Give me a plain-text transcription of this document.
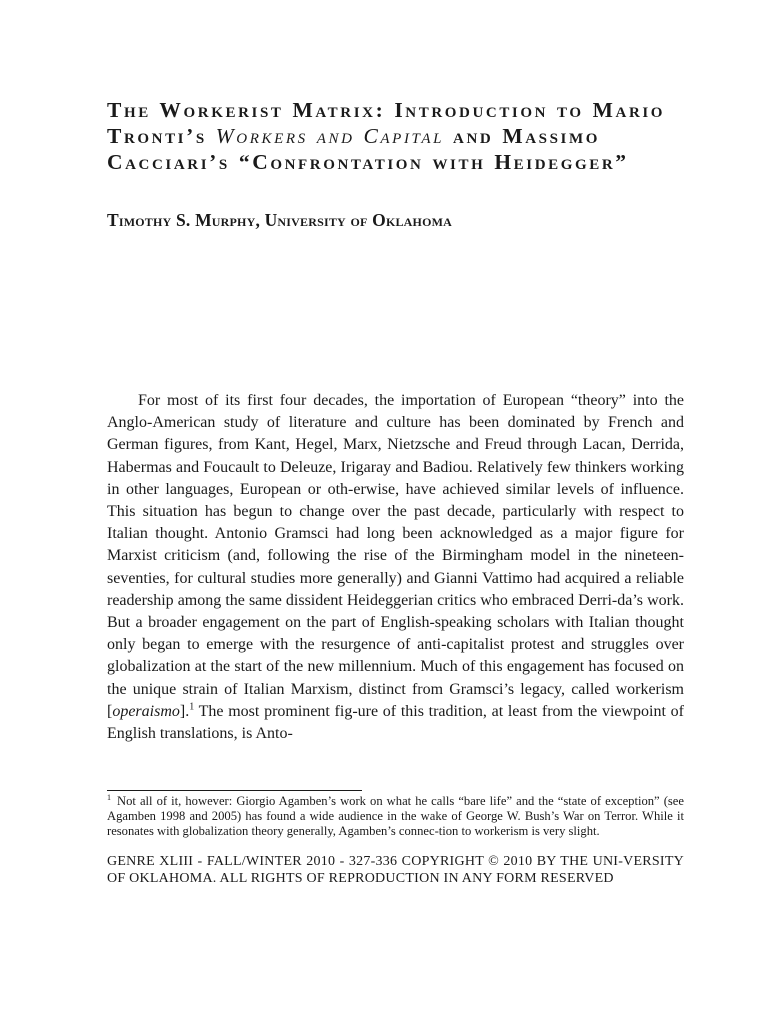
The Workerist Matrix: Introduction to Mario Tronti’s Workers and Capital and Massimo Cacciari’s “Confrontation with Heidegger”

Timothy S. Murphy, University of Oklahoma

For most of its first four decades, the importation of European “theory” into the Anglo-American study of literature and culture has been dominated by French and German figures, from Kant, Hegel, Marx, Nietzsche and Freud through Lacan, Derrida, Habermas and Foucault to Deleuze, Irigaray and Badiou. Relatively few thinkers working in other languages, European or oth-erwise, have achieved similar levels of influence. This situation has begun to change over the past decade, particularly with respect to Italian thought. Antonio Gramsci had long been acknowledged as a major figure for Marxist criticism (and, following the rise of the Birmingham model in the nineteen-seventies, for cultural studies more generally) and Gianni Vattimo had acquired a reliable readership among the same dissident Heideggerian critics who embraced Derri-da’s work. But a broader engagement on the part of English-speaking scholars with Italian thought only began to emerge with the resurgence of anti-capitalist protest and struggles over globalization at the start of the new millennium. Much of this engagement has focused on the unique strain of Italian Marxism, distinct from Gramsci’s legacy, called workerism [operaismo].$^1$ The most prominent fig-ure of this tradition, at least from the viewpoint of English translations, is Anto-

$^1$ Not all of it, however: Giorgio Agamben’s work on what he calls “bare life” and the “state of exception” (see Agamben 1998 and 2005) has found a wide audience in the wake of George W. Bush’s War on Terror. While it resonates with globalization theory generally, Agamben’s connec-tion to workerism is very slight.

GENRE XLIII - FALL/WINTER 2010 - 327-336 COPYRIGHT © 2010 BY THE UNI-VERSITY OF OKLAHOMA. ALL RIGHTS OF REPRODUCTION IN ANY FORM RESERVED
